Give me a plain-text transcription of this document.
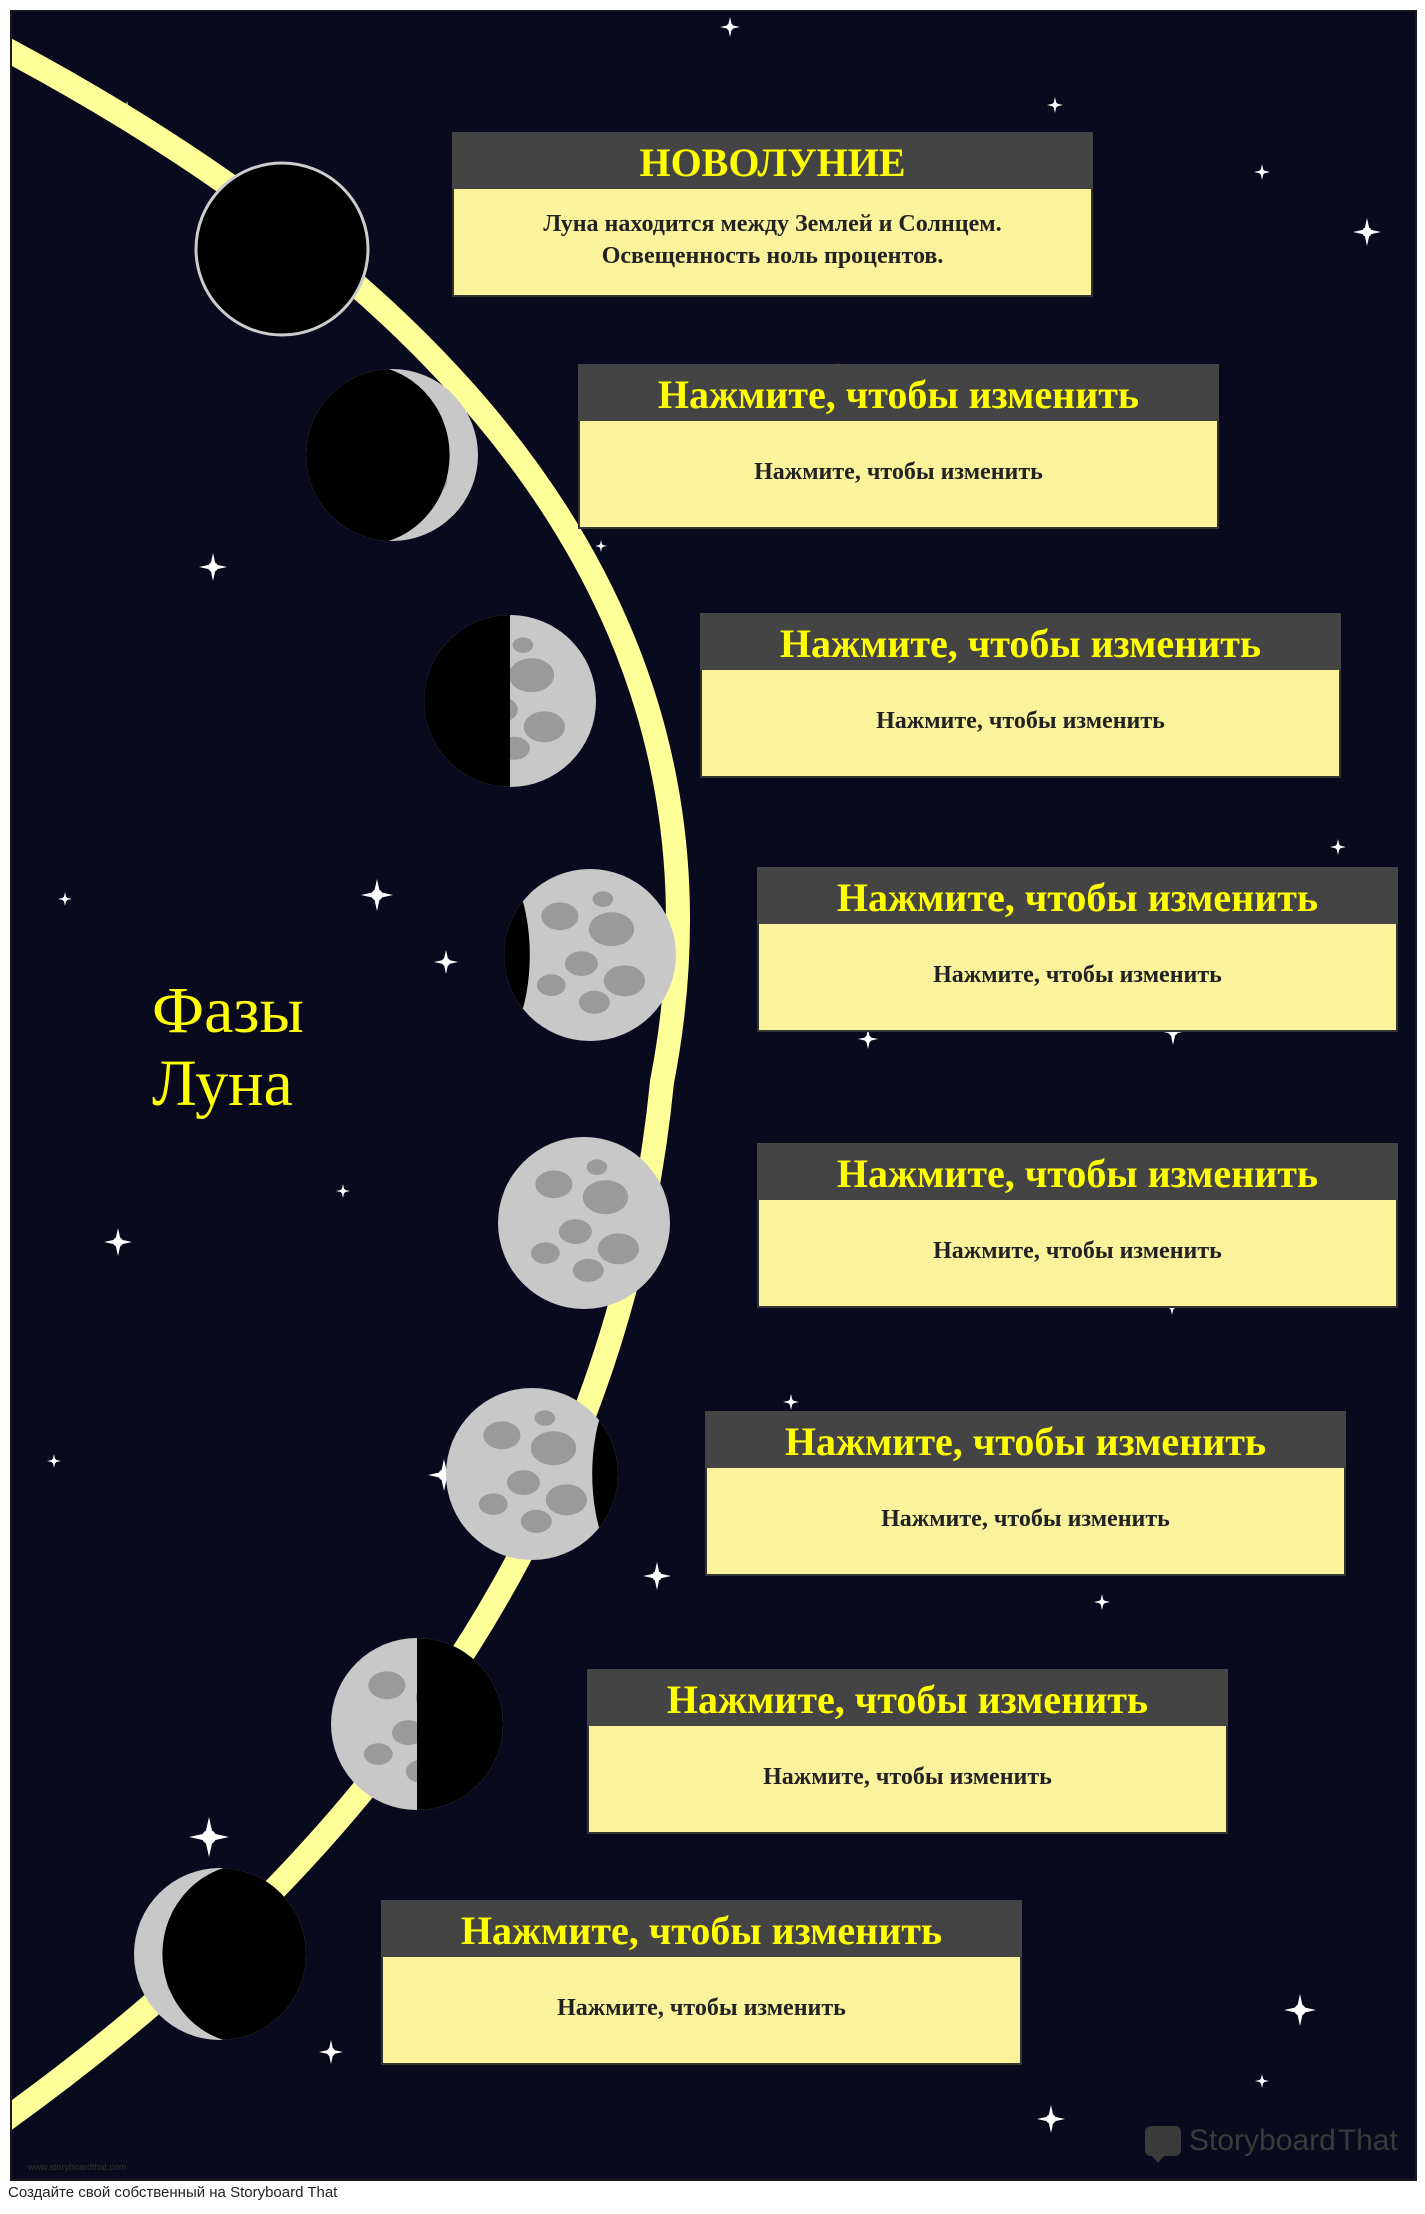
Фазы
Луна
Луна находится между Землей и Солнцем.
Освещенность ноль процентов.
НОВОЛУНИЕ
Нажмите, чтобы изменить
Нажмите, чтобы изменить
Нажмите, чтобы изменить
Нажмите, чтобы изменить
Нажмите, чтобы изменить
Нажмите, чтобы изменить
Нажмите, чтобы изменить
Нажмите, чтобы изменить
Нажмите, чтобы изменить
Нажмите, чтобы изменить
Нажмите, чтобы изменить
Нажмите, чтобы изменить
Нажмите, чтобы изменить
Нажмите, чтобы изменить
www.storyboardthat.com
Storyboard That
Создайте свой собственный на Storyboard That
